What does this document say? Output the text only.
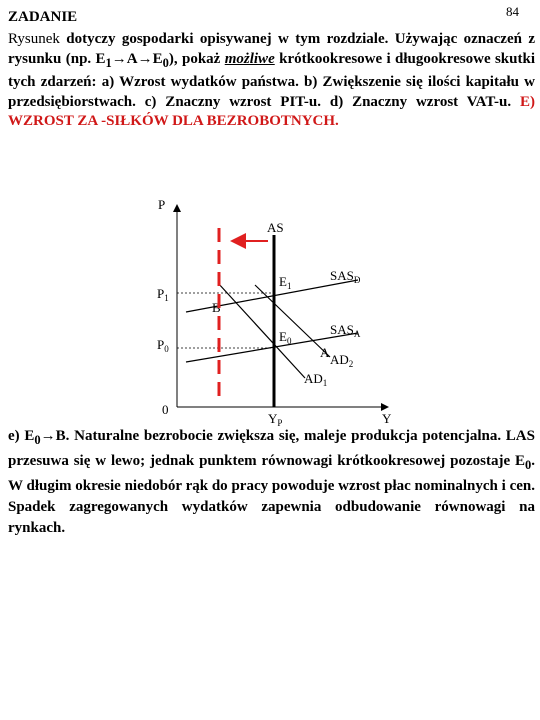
84
ZADANIE
Rysunek dotyczy gospodarki opisywanej w tym rozdziale. Używając oznaczeń z rysunku (np. $E_1\to A\to E_0$), pokaż możliwe krótkookresowe i długookresowe skutki tych zdarzeń: a) Wzrost wydatków państwa. b) Zwiększenie się ilości kapitału w przedsiębiorstwach. c) Znaczny wzrost PIT-u. d) Znaczny wzrost VAT-u. E) WZROST ZA -SIŁKÓW DLA BEZROBOTNYCH.
P
Y
0
$P_1$
$P_0$
AS
$Y_P$
$SAS_D$
$SAS_A$
$AD_1$
$AD_2$
$E_1$
$E_0$
A
B
e) $E_0\to B$. Naturalne bezrobocie zwiększa się, maleje produkcja potencjalna. LAS przesuwa się w lewo; jednak punktem równowagi krótkookresowej pozostaje $E_0$. W długim okresie niedobór rąk do pracy powoduje wzrost płac nominalnych i cen. Spadek zagregowanych wydatków zapewnia odbudowanie równowagi na rynkach.
